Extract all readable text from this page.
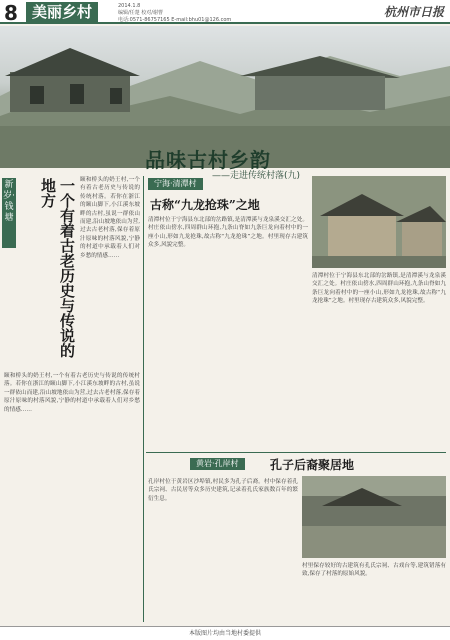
8 美丽乡村	2014.1.8
编辑/任楚 校对/谢曹
电话:0571-86757165 E-mail:bhu01@126.com
杭州市日报
品味古村乡韵
——走进传统村落(九)
新岁·钱塘	一个有着古老历史与传说的地方	颐和桥头的奶王村,一个有着古老历史与传说的传统村落。若你在浙江的颐山脚下,小江溪东坡畔的古村,虽说一群依山而建,沿山坡地依山为营,过去古老村落,保存着原汁原味的村落风貌,宁静的村道中承载着人们对乡愁的情感……
颐和桥头的奶王村,一个有着古老历史与传说的传统村落。若你在浙江的颐山脚下,小江溪东坡畔的古村,虽说一群依山而建,沿山坡地依山为营,过去古老村落,保存着原汁原味的村落风貌,宁静的村道中承载着人们对乡愁的情感……
宁海·清潭村
古称“九龙抢珠”之地
清潭村位于宁海县东北部的岔路镇,是清潭溪与龙泉溪交汇之处。村庄依山傍水,四周群山环抱,九条山脊如九条巨龙向着村中的一座小山,形如九龙抢珠,故古称“九龙抢珠”之地。村里现存古建筑众多,风貌完整。
清潭村位于宁海县东北部的岔路镇,是清潭溪与龙泉溪交汇之处。村庄依山傍水,四周群山环抱,九条山脊如九条巨龙向着村中的一座小山,形如九龙抢珠,故古称“九龙抢珠”之地。村里现存古建筑众多,风貌完整。
黄岩·孔岸村	孔子后裔聚居地
孔岸村位于黄岩区沙埠镇,村民多为孔子后裔。村中保存着孔氏宗祠、古民居等众多历史建筑,记录着孔氏家族数百年的繁衍生息。
村里保存较好的古建筑有孔氏宗祠、古戏台等,建筑错落有致,保存了村落的原始风貌。
本版图片均由当地村委提供
